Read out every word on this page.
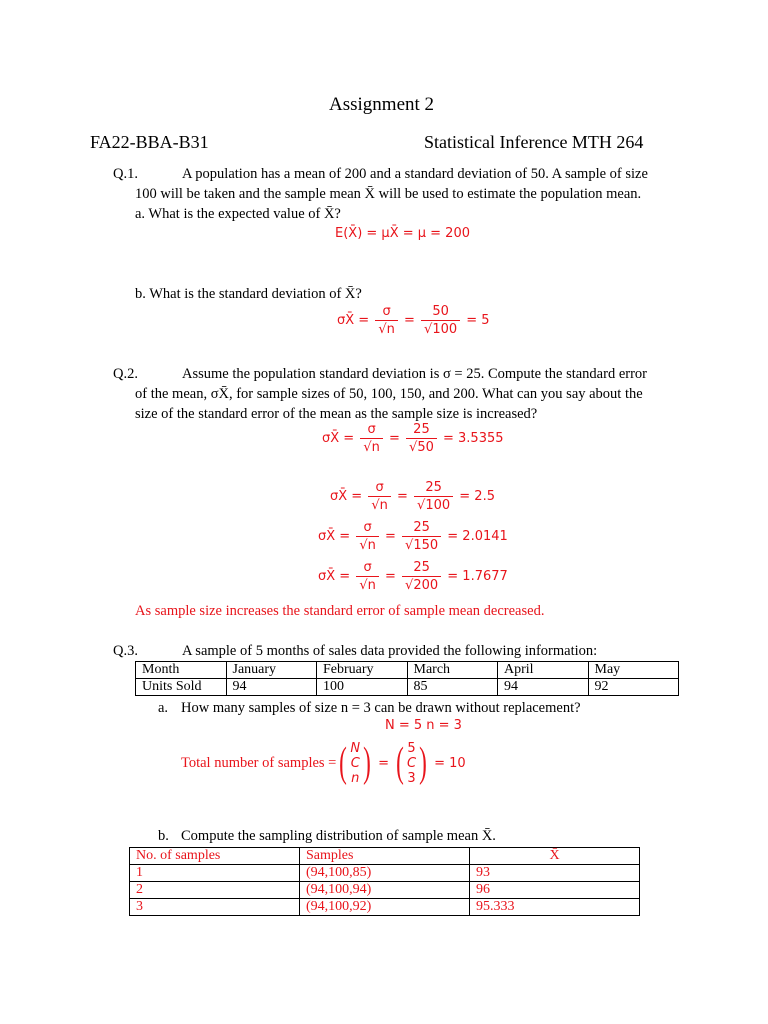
Assignment 2
FA22-BBA-B31	Statistical Inference MTH 264
Q.1.	A population has a mean of 200 and a standard deviation of 50. A sample of size
100 will be taken and the sample mean X̄ will be used to estimate the population mean.
a. What is the expected value of X̄?
E(X̄) = μX̄ = μ = 200
b. What is the standard deviation of X̄?
σX̄ = $\frac{\sigma}{√n} = \frac{50}{√100} = 5$
Q.2.	Assume the population standard deviation is σ = 25. Compute the standard error
of the mean, σX̄, for sample sizes of 50, 100, 150, and 200. What can you say about the
size of the standard error of the mean as the sample size is increased?
σX̄ = $\frac{\sigma}{√n} = \frac{25}{√50} = 3.5355$
σX̄ = $\frac{\sigma}{√n} = \frac{25}{√100} = 2.5$
σX̄ = $\frac{\sigma}{√n} = \frac{25}{√150} = 2.0141$
σX̄ = $\frac{\sigma}{√n} = \frac{25}{√200} = 1.7677$
As sample size increases the standard error of sample mean decreased.
Q.3.	A sample of 5 months of sales data provided the following information:
Month	January	February	March	April	May
Units Sold	94	100	85	94	92
a. How many samples of size n = 3 can be drawn without replacement?
N = 5 n = 3
Total number of samples = ( N
C
n ) = ( 5
C
3 ) = 10
b. Compute the sampling distribution of sample mean X̄.
No. of samples	Samples	X̄
1	(94,100,85)	93
2	(94,100,94)	96
3	(94,100,92)	95.333
